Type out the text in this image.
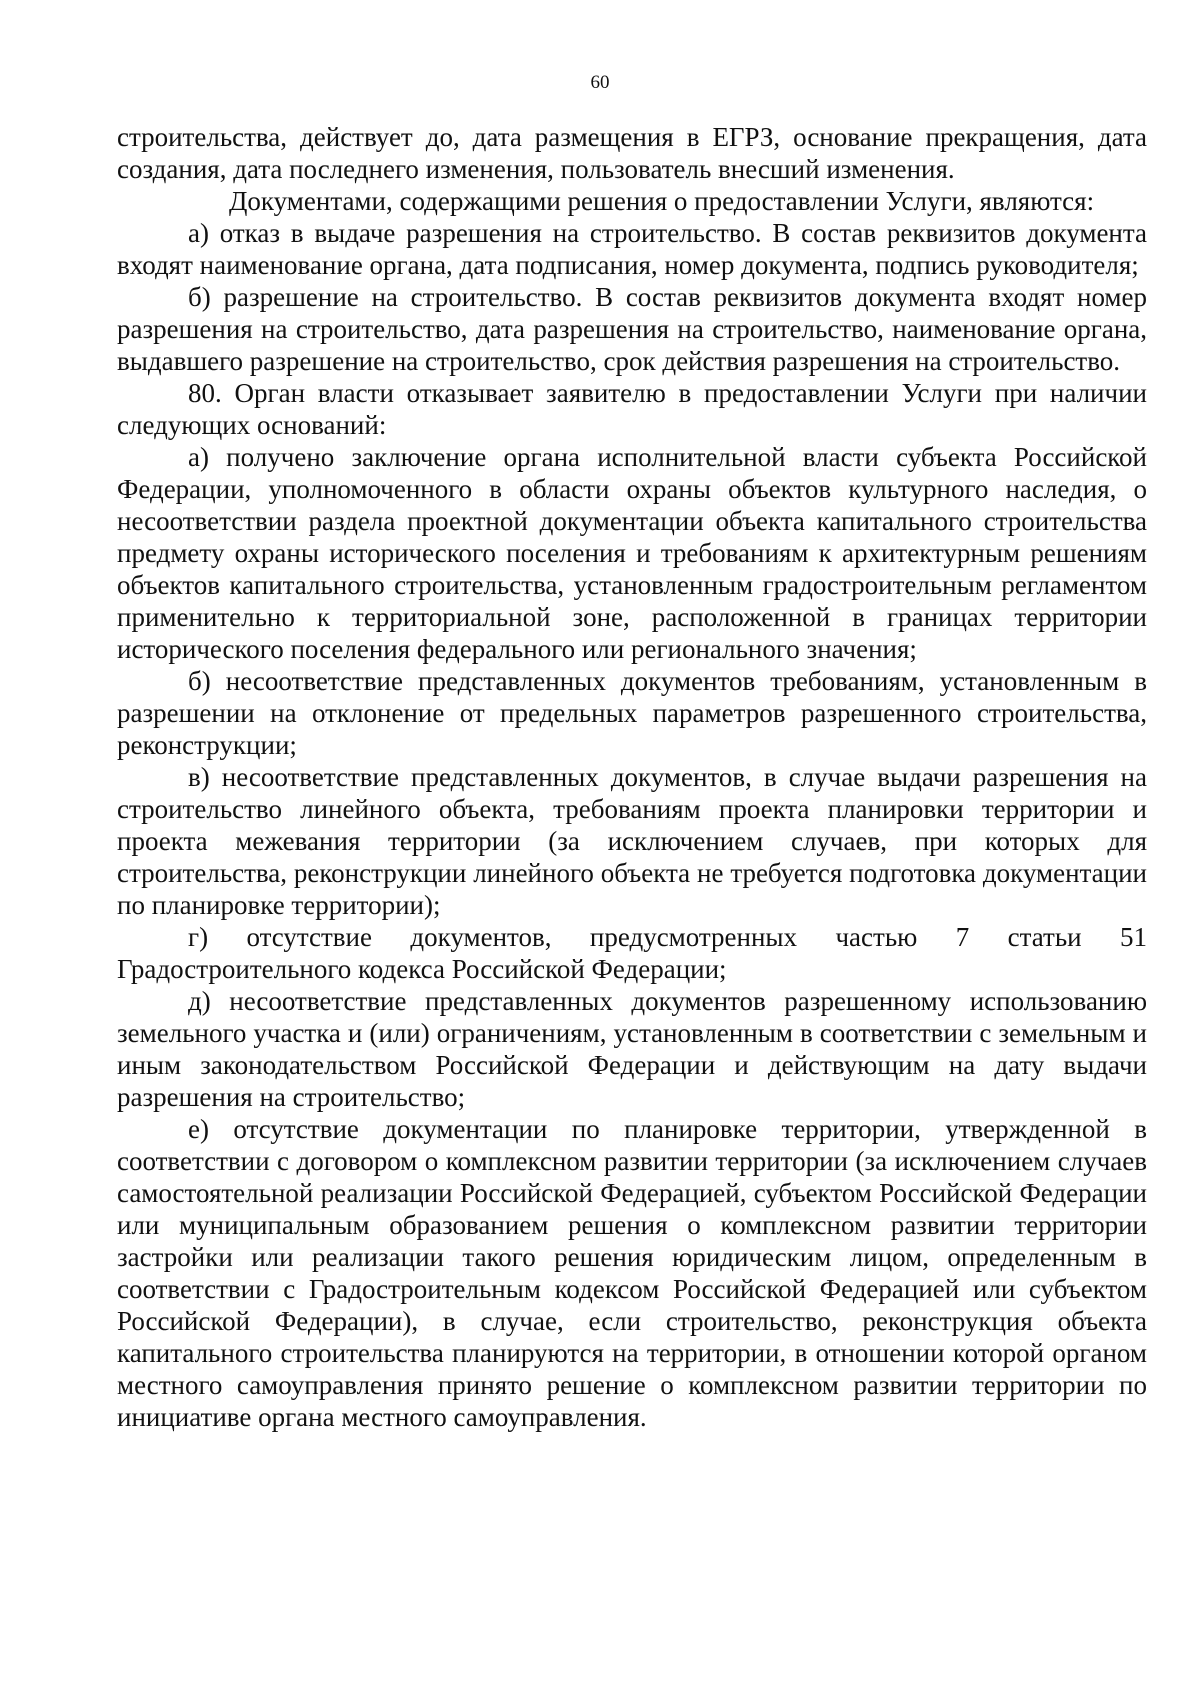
60

строительства, действует до, дата размещения в ЕГРЗ, основание прекращения, дата создания, дата последнего изменения, пользователь внесший изменения.

Документами, содержащими решения о предоставлении Услуги, являются:

а) отказ в выдаче разрешения на строительство. В состав реквизитов документа входят наименование органа, дата подписания, номер документа, подпись руководителя;

б) разрешение на строительство. В состав реквизитов документа входят номер разрешения на строительство, дата разрешения на строительство, наименование органа, выдавшего разрешение на строительство, срок действия разрешения на строительство.

80. Орган власти отказывает заявителю в предоставлении Услуги при наличии следующих оснований:

а) получено заключение органа исполнительной власти субъекта Российской Федерации, уполномоченного в области охраны объектов культурного наследия, о несоответствии раздела проектной документации объекта капитального строительства предмету охраны исторического поселения и требованиям к архитектурным решениям объектов капитального строительства, установленным градостроительным регламентом применительно к территориальной зоне, расположенной в границах территории исторического поселения федерального или регионального значения;

б) несоответствие представленных документов требованиям, установленным в разрешении на отклонение от предельных параметров разрешенного строительства, реконструкции;

в) несоответствие представленных документов, в случае выдачи разрешения на строительство линейного объекта, требованиям проекта планировки территории и проекта межевания территории (за исключением случаев, при которых для строительства, реконструкции линейного объекта не требуется подготовка документации по планировке территории);

г) отсутствие документов, предусмотренных частью 7 статьи 51 Градостроительного кодекса Российской Федерации;

д) несоответствие представленных документов разрешенному использованию земельного участка и (или) ограничениям, установленным в соответствии с земельным и иным законодательством Российской Федерации и действующим на дату выдачи разрешения на строительство;

е) отсутствие документации по планировке территории, утвержденной в соответствии с договором о комплексном развитии территории (за исключением случаев самостоятельной реализации Российской Федерацией, субъектом Российской Федерации или муниципальным образованием решения о комплексном развитии территории застройки или реализации такого решения юридическим лицом, определенным в соответствии с Градостроительным кодексом Российской Федерацией или субъектом Российской Федерации), в случае, если строительство, реконструкция объекта капитального строительства планируются на территории, в отношении которой органом местного самоуправления принято решение о комплексном развитии территории по инициативе органа местного самоуправления.
